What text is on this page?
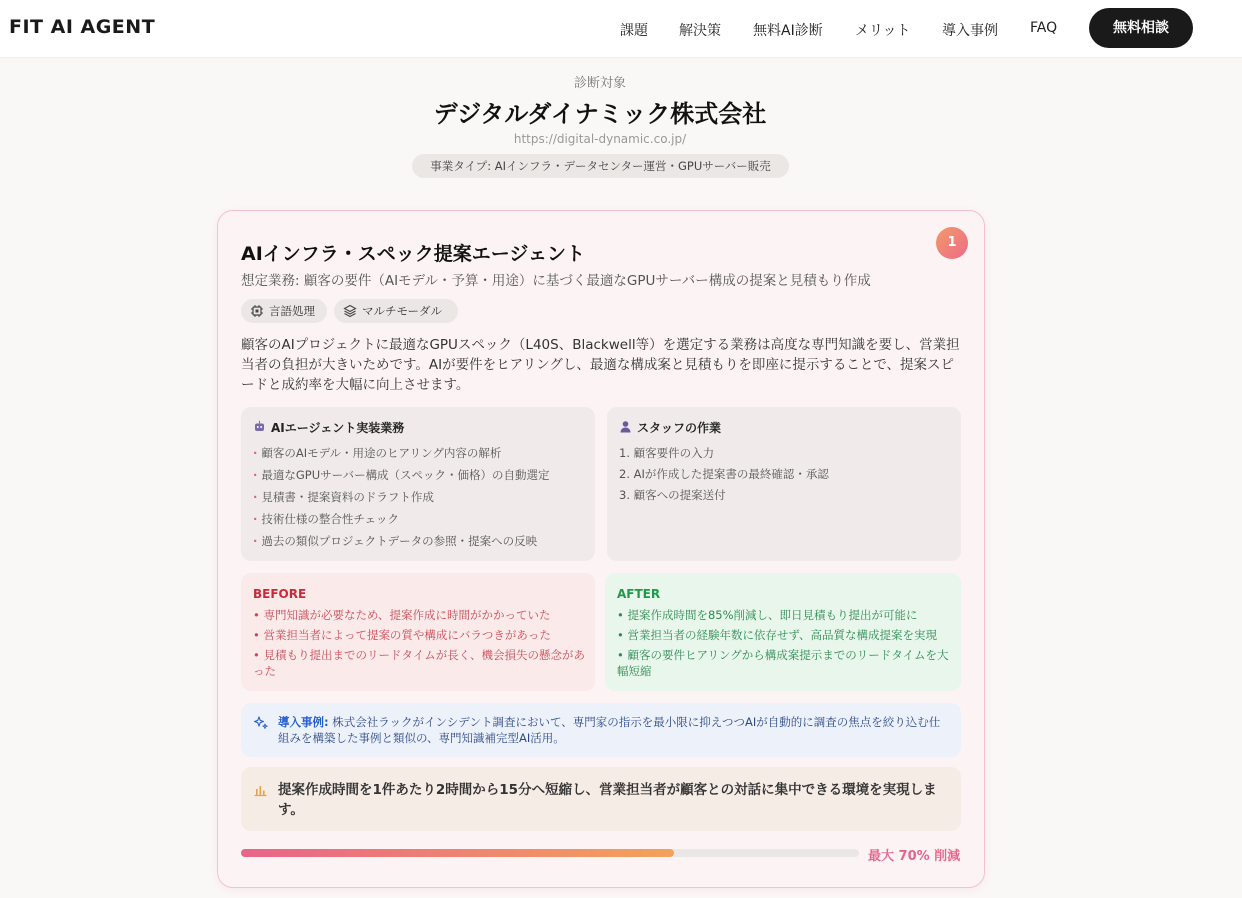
FIT AI AGENT	課題 解決策 無料AI診断 メリット 導入事例 FAQ	無料相談
診断対象
デジタルダイナミック株式会社
https://digital-dynamic.co.jp/
事業タイプ: AIインフラ・データセンター運営・GPUサーバー販売
1
AIインフラ・スペック提案エージェント
想定業務: 顧客の要件（AIモデル・予算・用途）に基づく最適なGPUサーバー構成の提案と見積もり作成
言語処理	マルチモーダル
顧客のAIプロジェクトに最適なGPUスペック（L40S、Blackwell等）を選定する業務は高度な専門知識を要し、営業担当者の負担が大きいためです。AIが要件をヒアリングし、最適な構成案と見積もりを即座に提示することで、提案スピードと成約率を大幅に向上させます。
AIエージェント実装業務
· 顧客のAIモデル・用途のヒアリング内容の解析
· 最適なGPUサーバー構成（スペック・価格）の自動選定
· 見積書・提案資料のドラフト作成
· 技術仕様の整合性チェック
· 過去の類似プロジェクトデータの参照・提案への反映
スタッフの作業
1. 顧客要件の入力
2. AIが作成した提案書の最終確認・承認
3. 顧客への提案送付
BEFORE
• 専門知識が必要なため、提案作成に時間がかかっていた
• 営業担当者によって提案の質や構成にバラつきがあった
• 見積もり提出までのリードタイムが長く、機会損失の懸念があった
AFTER
• 提案作成時間を85%削減し、即日見積もり提出が可能に
• 営業担当者の経験年数に依存せず、高品質な構成提案を実現
• 顧客の要件ヒアリングから構成案提示までのリードタイムを大幅短縮
導入事例: 株式会社ラックがインシデント調査において、専門家の指示を最小限に抑えつつAIが自動的に調査の焦点を絞り込む仕組みを構築した事例と類似の、専門知識補完型AI活用。
提案作成時間を1件あたり2時間から15分へ短縮し、営業担当者が顧客との対話に集中できる環境を実現します。
最大 70% 削減
